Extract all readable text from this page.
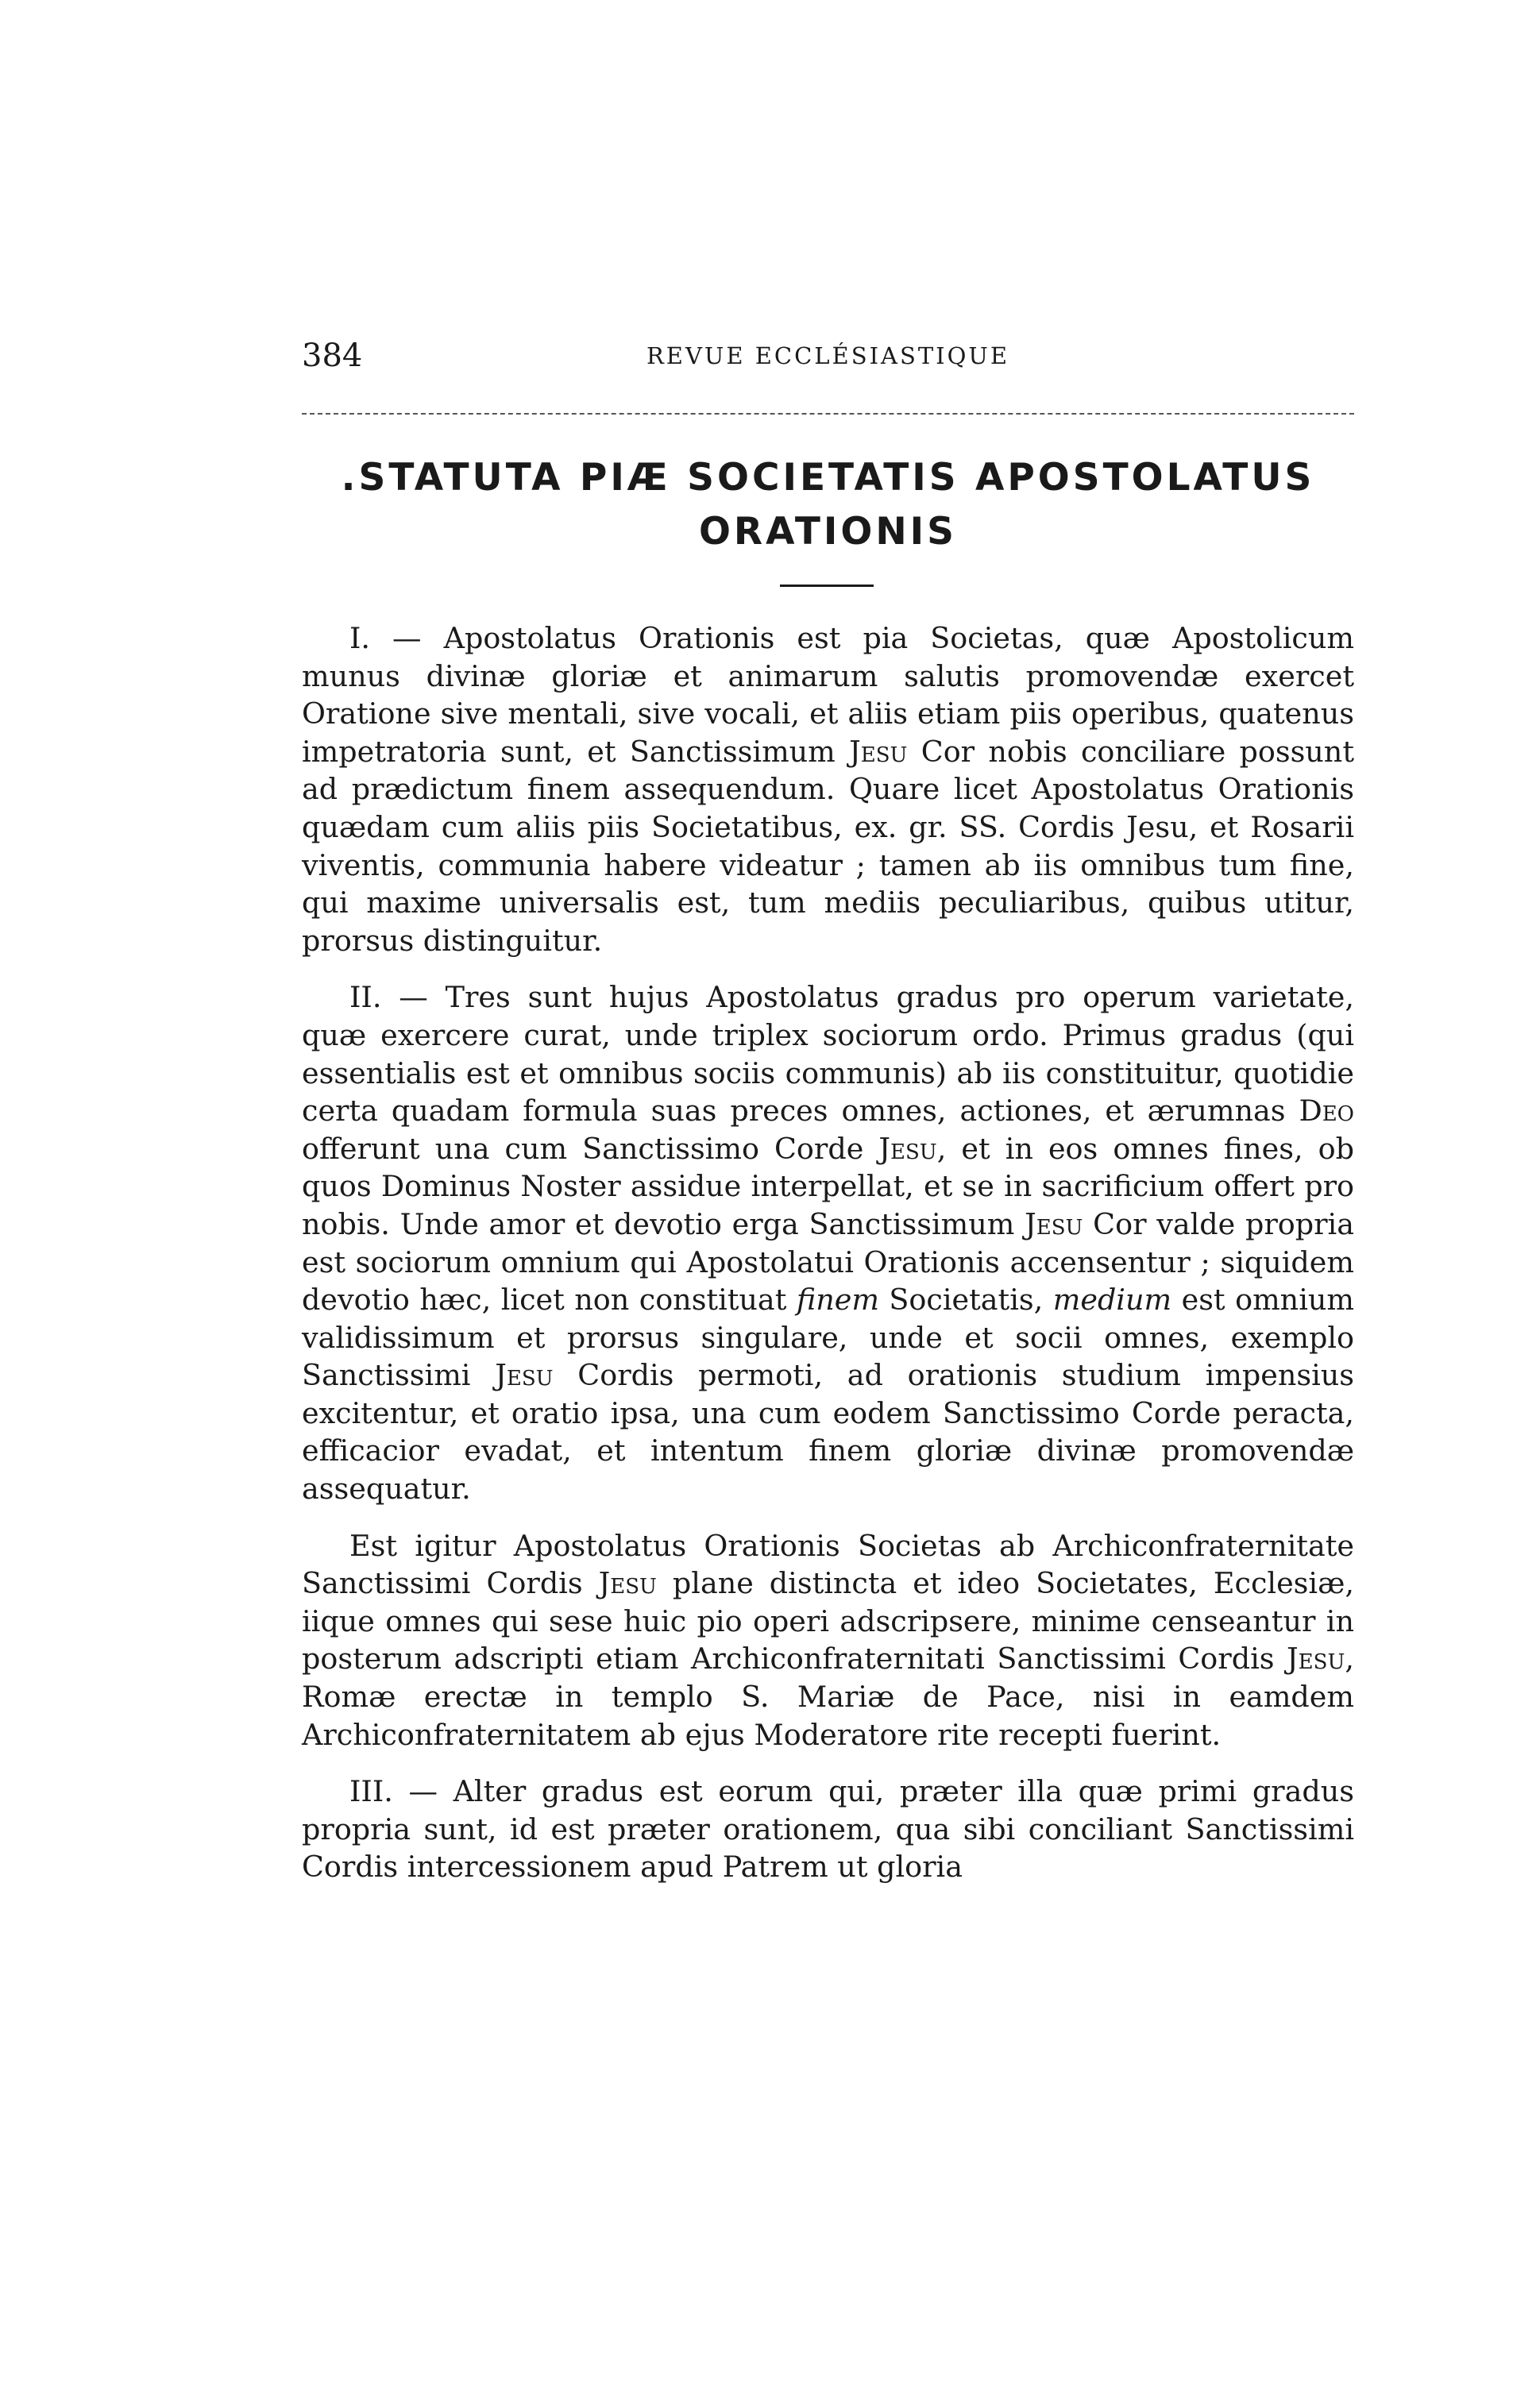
384	REVUE ECCLÉSIASTIQUE
.STATUTA PIÆ SOCIETATIS APOSTOLATUS ORATIONIS

I. — Apostolatus Orationis est pia Societas, quæ Apostolicum munus divinæ gloriæ et animarum salutis promovendæ exercet Oratione sive mentali, sive vocali, et aliis etiam piis operibus, quatenus impetratoria sunt, et Sanctissimum Jesu Cor nobis conciliare possunt ad prædictum finem assequendum. Quare licet Apostolatus Orationis quædam cum aliis piis Societatibus, ex. gr. SS. Cordis Jesu, et Rosarii viventis, communia habere videatur ; tamen ab iis omnibus tum fine, qui maxime universalis est, tum mediis peculiaribus, quibus utitur, prorsus distinguitur.

II. — Tres sunt hujus Apostolatus gradus pro operum varietate, quæ exercere curat, unde triplex sociorum ordo. Primus gradus (qui essentialis est et omnibus sociis communis) ab iis constituitur, quotidie certa quadam formula suas preces omnes, actiones, et ærumnas Deo offerunt una cum Sanctissimo Corde Jesu, et in eos omnes fines, ob quos Dominus Noster assidue interpellat, et se in sacrificium offert pro nobis. Unde amor et devotio erga Sanctissimum Jesu Cor valde propria est sociorum omnium qui Apostolatui Orationis accensentur ; siquidem devotio hæc, licet non constituat finem Societatis, medium est omnium validissimum et prorsus singulare, unde et socii omnes, exemplo Sanctissimi Jesu Cordis permoti, ad orationis studium impensius excitentur, et oratio ipsa, una cum eodem Sanctissimo Corde peracta, efficacior evadat, et intentum finem gloriæ divinæ promovendæ assequatur.

Est igitur Apostolatus Orationis Societas ab Archiconfraternitate Sanctissimi Cordis Jesu plane distincta et ideo Societates, Ecclesiæ, iique omnes qui sese huic pio operi adscripsere, minime censeantur in posterum adscripti etiam Archiconfraternitati Sanctissimi Cordis Jesu, Romæ erectæ in templo S. Mariæ de Pace, nisi in eamdem Archiconfraternitatem ab ejus Moderatore rite recepti fuerint.

III. — Alter gradus est eorum qui, præter illa quæ primi gradus propria sunt, id est præter orationem, qua sibi conciliant Sanctissimi Cordis intercessionem apud Patrem ut gloria
